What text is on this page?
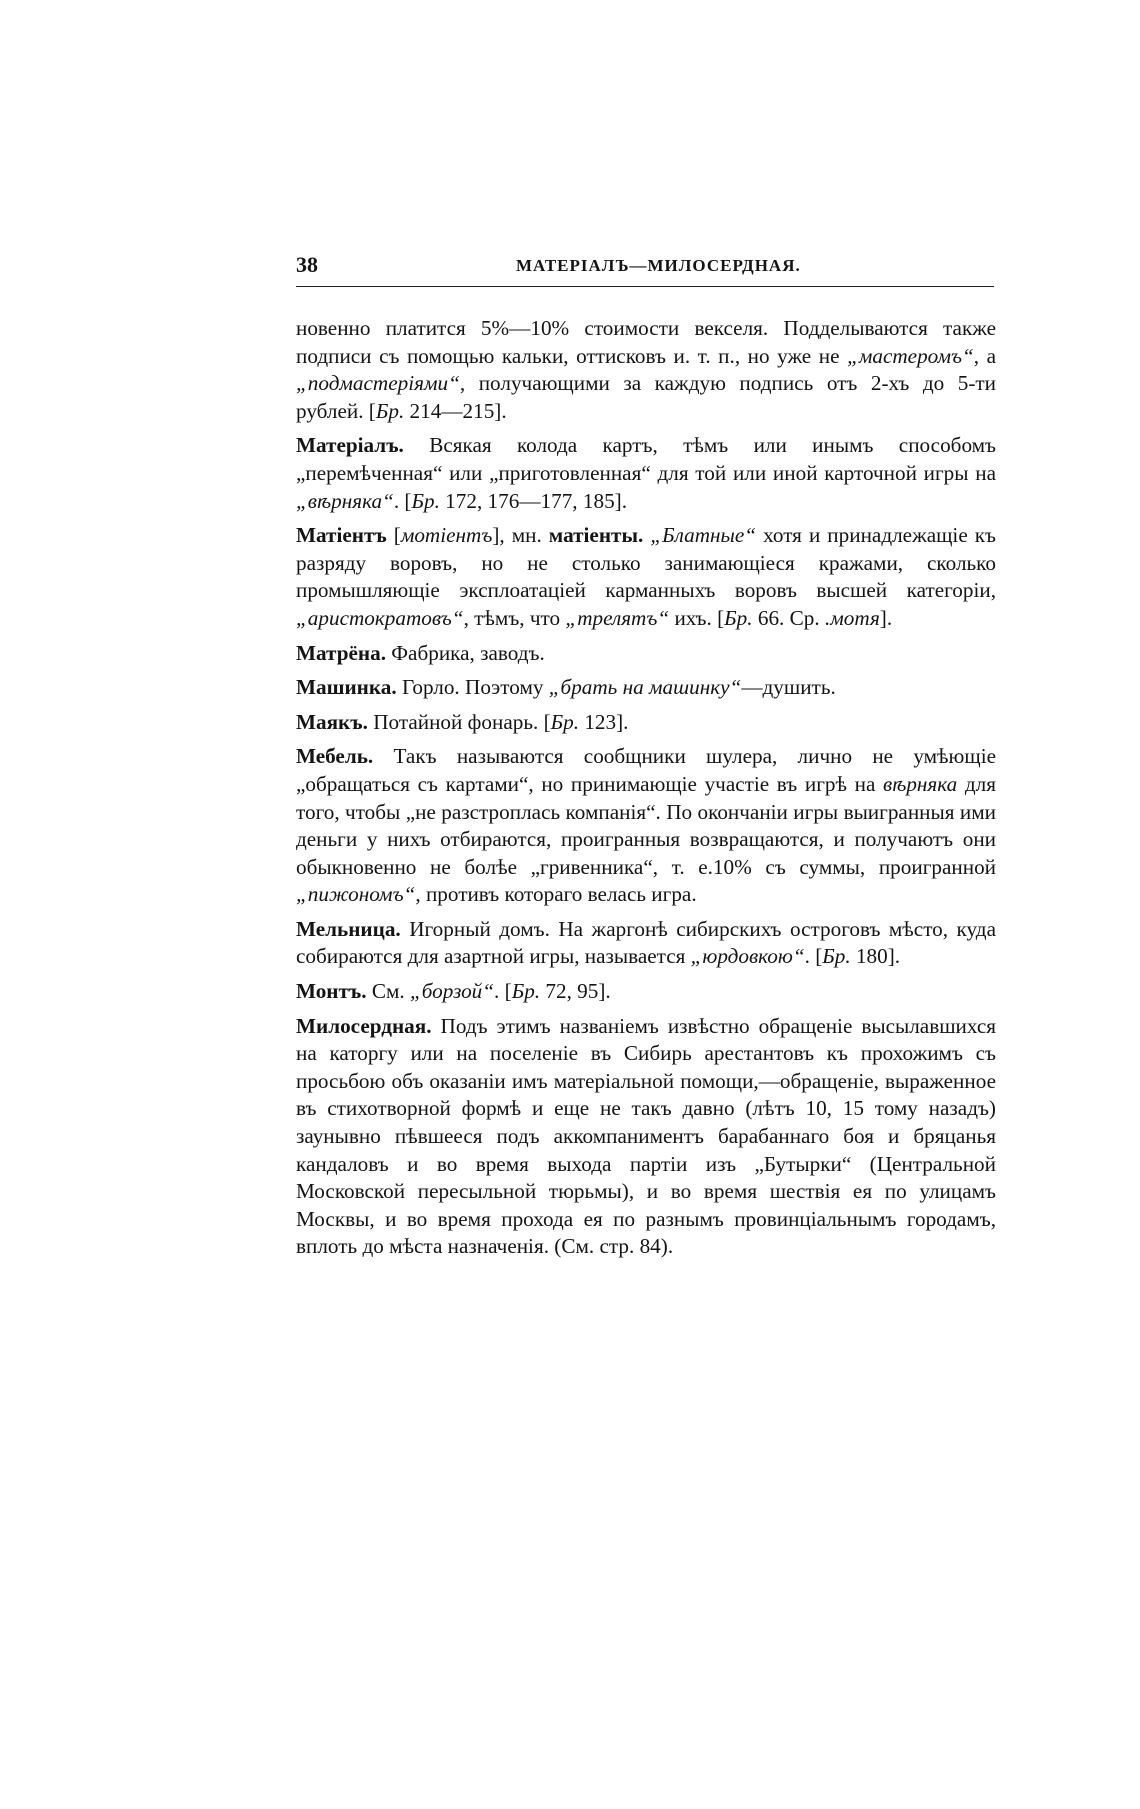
38	МАТЕРІАЛЪ—МИЛОСЕРДНАЯ.

новенно платится 5%—10% стоимости векселя. Подделываются также подписи съ помощью кальки, оттисковъ и. т. п., но уже не „мастеромъ“, а „подмастеріями“, получающими за каждую подпись отъ 2-хъ до 5-ти рублей. [Бр. 214—215].

Матеріалъ. Всякая колода картъ, тѣмъ или инымъ способомъ „перемѣченная“ или „приготовленная“ для той или иной карточной игры на „вѣрняка“. [Бр. 172, 176—177, 185].

Матіентъ [мотіентъ], мн. матіенты. „Блатные“ хотя и принадлежащіе къ разряду воровъ, но не столько занимающіеся кражами, сколько промышляющіе эксплоатаціей карманныхъ воровъ высшей категоріи, „аристократовъ“, тѣмъ, что „трелятъ“ ихъ. [Бр. 66. Ср. .мотя].

Матрёна. Фабрика, заводъ.

Машинка. Горло. Поэтому „брать на машинку“—душить.

Маякъ. Потайной фонарь. [Бр. 123].

Мебель. Такъ называются сообщники шулера, лично не умѣющіе „обращаться съ картами“, но принимающіе участіе въ игрѣ на вѣрняка для того, чтобы „не разстроплась компанія“. По окончаніи игры выигранныя ими деньги у нихъ отбираются, проигранныя возвращаются, и получаютъ они обыкновенно не болѣе „гривенника“, т. е.10% съ суммы, проигранной „пижономъ“, противъ котораго велась игра.

Мельница. Игорный домъ. На жаргонѣ сибирскихъ остроговъ мѣсто, куда собираются для азартной игры, называется „юрдовкою“. [Бр. 180].

Монтъ. См. „борзой“. [Бр. 72, 95].

Милосердная. Подъ этимъ названіемъ извѣстно обращеніе высылавшихся на каторгу или на поселеніе въ Сибирь арестантовъ къ прохожимъ съ просьбою объ оказаніи имъ матеріальной помощи,—обращеніе, выраженное въ стихотворной формѣ и еще не такъ давно (лѣтъ 10, 15 тому назадъ) заунывно пѣвшееся подъ аккомпаниментъ барабаннаго боя и бряцанья кандаловъ и во время выхода партіи изъ „Бутырки“ (Центральной Московской пересыльной тюрьмы), и во время шествія ея по улицамъ Москвы, и во время прохода ея по разнымъ провинціальнымъ городамъ, вплоть до мѣста назначенія. (См. стр. 84).
